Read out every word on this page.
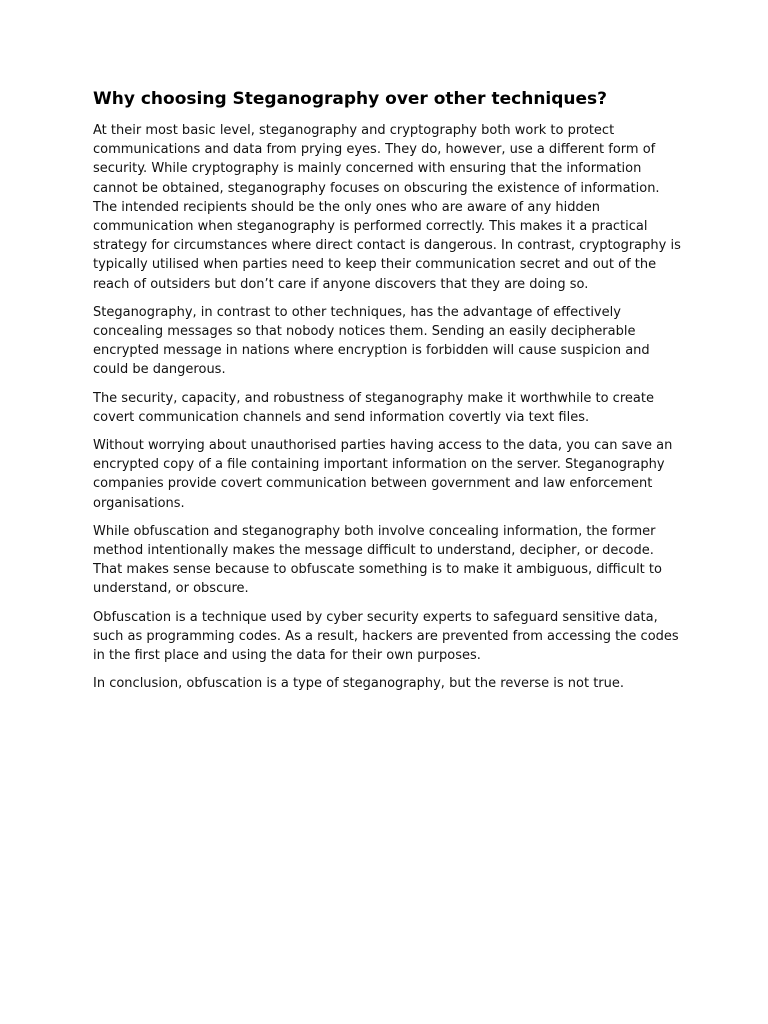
Why choosing Steganography over other techniques?

At their most basic level, steganography and cryptography both work to protect communications and data from prying eyes. They do, however, use a different form of security. While cryptography is mainly concerned with ensuring that the information cannot be obtained, steganography focuses on obscuring the existence of information. The intended recipients should be the only ones who are aware of any hidden communication when steganography is performed correctly. This makes it a practical strategy for circumstances where direct contact is dangerous. In contrast, cryptography is typically utilised when parties need to keep their communication secret and out of the reach of outsiders but don’t care if anyone discovers that they are doing so.

Steganography, in contrast to other techniques, has the advantage of effectively concealing messages so that nobody notices them. Sending an easily decipherable encrypted message in nations where encryption is forbidden will cause suspicion and could be dangerous.

The security, capacity, and robustness of steganography make it worthwhile to create covert communication channels and send information covertly via text files.

Without worrying about unauthorised parties having access to the data, you can save an encrypted copy of a file containing important information on the server. Steganography companies provide covert communication between government and law enforcement organisations.

While obfuscation and steganography both involve concealing information, the former method intentionally makes the message difficult to understand, decipher, or decode. That makes sense because to obfuscate something is to make it ambiguous, difficult to understand, or obscure.

Obfuscation is a technique used by cyber security experts to safeguard sensitive data, such as programming codes. As a result, hackers are prevented from accessing the codes in the first place and using the data for their own purposes.

In conclusion, obfuscation is a type of steganography, but the reverse is not true.
